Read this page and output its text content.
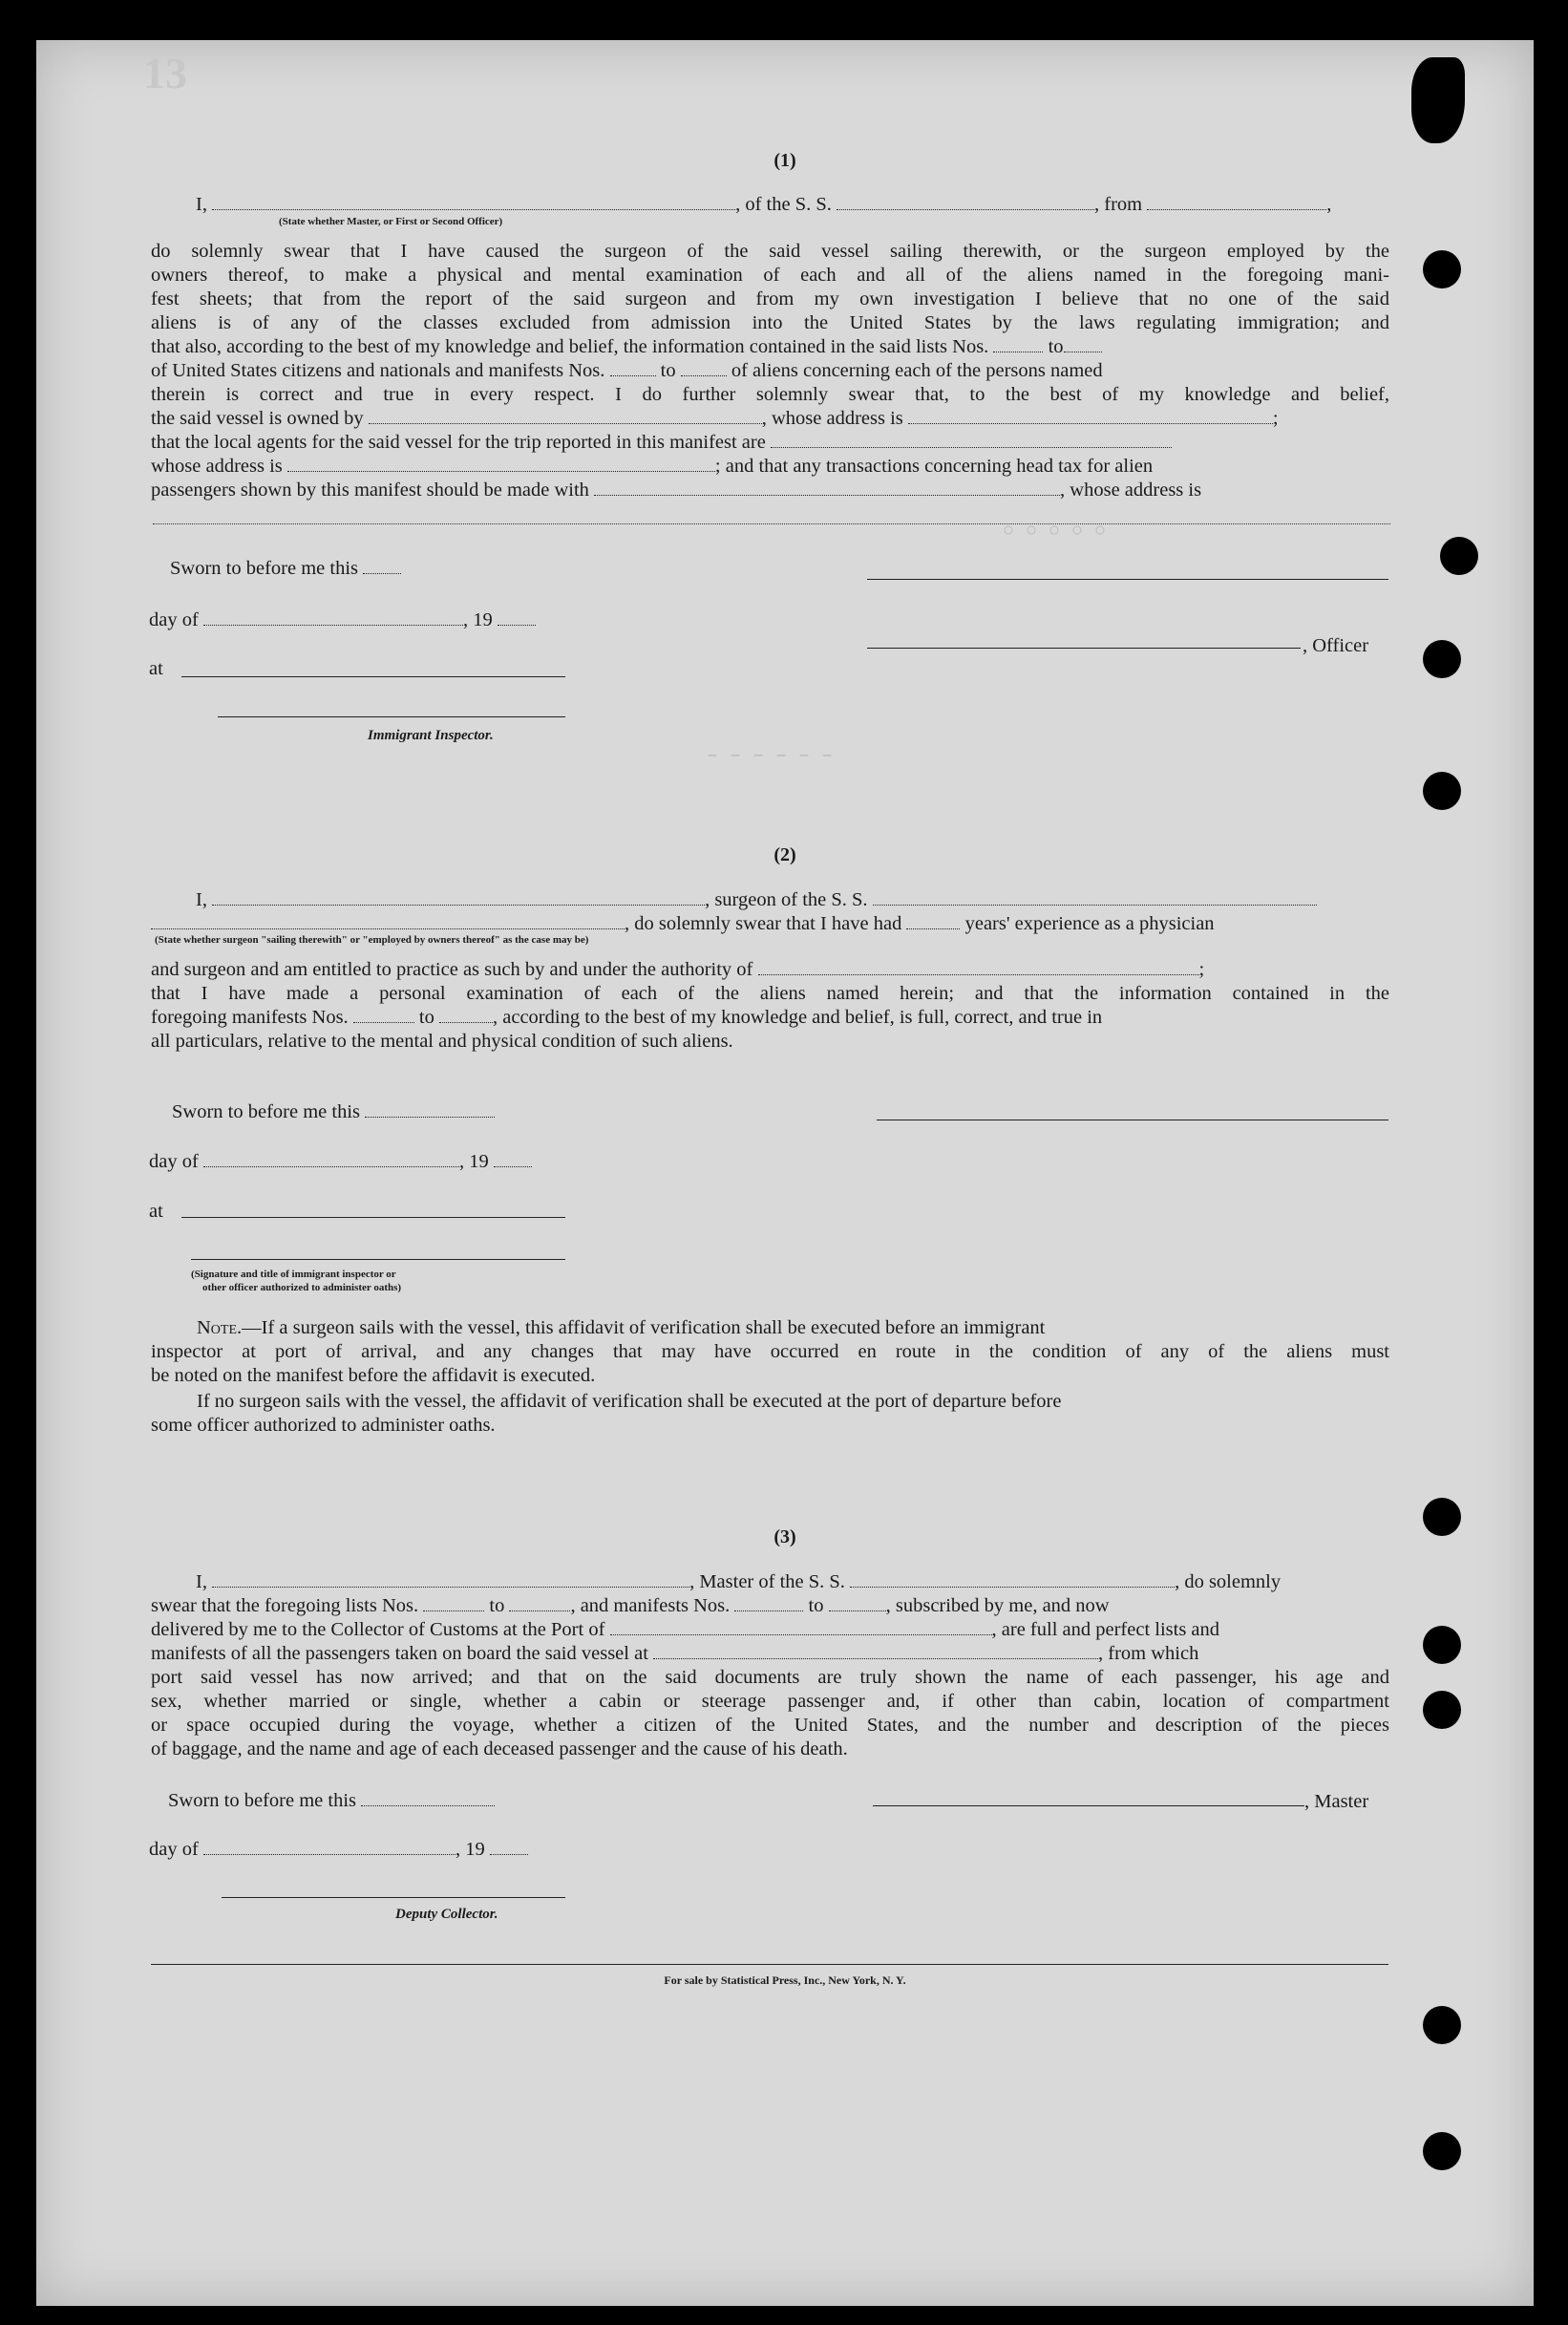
13
○ ○ ○ ○ ○
‒ ‒ ‒ ‒ ‒ ‒
(1)
I,	, of the S. S.	, from	,
(State whether Master, or First or Second Officer)
do solemnly swear that I have caused the surgeon of the said vessel sailing therewith, or the surgeon employed by the
owners thereof, to make a physical and mental examination of each and all of the aliens named in the foregoing mani-
fest sheets; that from the report of the said surgeon and from my own investigation I believe that no one of the said
aliens is of any of the classes excluded from admission into the United States by the laws regulating immigration; and
that also, according to the best of my knowledge and belief, the information contained in the said lists Nos.	to
of United States citizens and nationals and manifests Nos.	to	of aliens concerning each of the persons named
therein is correct and true in every respect. I do further solemnly swear that, to the best of my knowledge and belief,
the said vessel is owned by	, whose address is	;
that the local agents for the said vessel for the trip reported in this manifest are
whose address is	; and that any transactions concerning head tax for alien
passengers shown by this manifest should be made with	, whose address is
Sworn to before me this
day of	, 19
at
Immigrant Inspector.
, Officer
(2)
I,	, surgeon of the S. S.
, do solemnly swear that I have had	years' experience as a physician
(State whether surgeon "sailing therewith" or "employed by owners thereof" as the case may be)
and surgeon and am entitled to practice as such by and under the authority of	;
that I have made a personal examination of each of the aliens named herein; and that the information contained in the
foregoing manifests Nos.	to	, according to the best of my knowledge and belief, is full, correct, and true in
all particulars, relative to the mental and physical condition of such aliens.
Sworn to before me this
day of	, 19
at
(Signature and title of immigrant inspector or
other officer authorized to administer oaths)
Note.—If a surgeon sails with the vessel, this affidavit of verification shall be executed before an immigrant
inspector at port of arrival, and any changes that may have occurred en route in the condition of any of the aliens must
be noted on the manifest before the affidavit is executed.
If no surgeon sails with the vessel, the affidavit of verification shall be executed at the port of departure before
some officer authorized to administer oaths.
(3)
I,	, Master of the S. S.	, do solemnly
swear that the foregoing lists Nos.	to	, and manifests Nos.	to	, subscribed by me, and now
delivered by me to the Collector of Customs at the Port of	, are full and perfect lists and
manifests of all the passengers taken on board the said vessel at	, from which
port said vessel has now arrived; and that on the said documents are truly shown the name of each passenger, his age and
sex, whether married or single, whether a cabin or steerage passenger and, if other than cabin, location of compartment
or space occupied during the voyage, whether a citizen of the United States, and the number and description of the pieces
of baggage, and the name and age of each deceased passenger and the cause of his death.
Sworn to before me this	, Master
day of	, 19
Deputy Collector.
For sale by Statistical Press, Inc., New York, N. Y.
